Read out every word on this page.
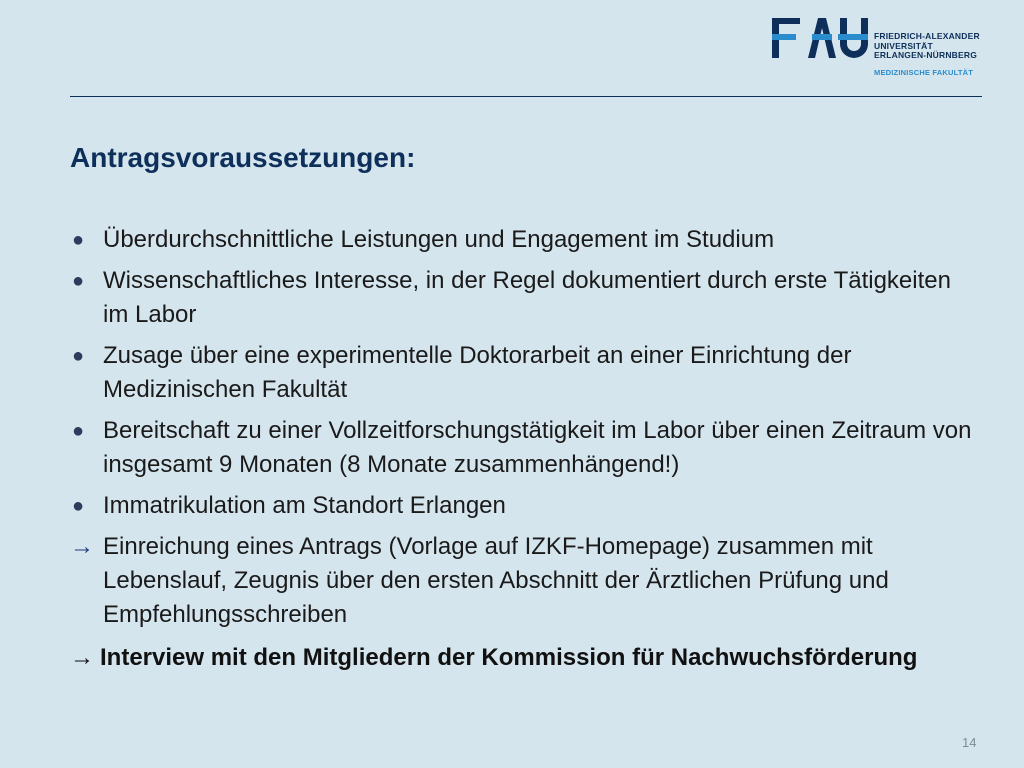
FRIEDRICH-ALEXANDER
UNIVERSITÄT
ERLANGEN-NÜRNBERG
MEDIZINISCHE FAKULTÄT
Antragsvoraussetzungen:
● Überdurchschnittliche Leistungen und Engagement im Studium
● Wissenschaftliches Interesse, in der Regel dokumentiert durch erste Tätigkeiten im Labor
● Zusage über eine experimentelle Doktorarbeit an einer Einrichtung der Medizinischen Fakultät
● Bereitschaft zu einer Vollzeitforschungstätigkeit im Labor über einen Zeitraum von insgesamt 9 Monaten (8 Monate zusammenhängend!)
● Immatrikulation am Standort Erlangen
→ Einreichung eines Antrags (Vorlage auf IZKF-Homepage) zusammen mit Lebenslauf, Zeugnis über den ersten Abschnitt der Ärztlichen Prüfung und Empfehlungsschreiben

→ Interview mit den Mitgliedern der Kommission für Nachwuchsförderung

14
